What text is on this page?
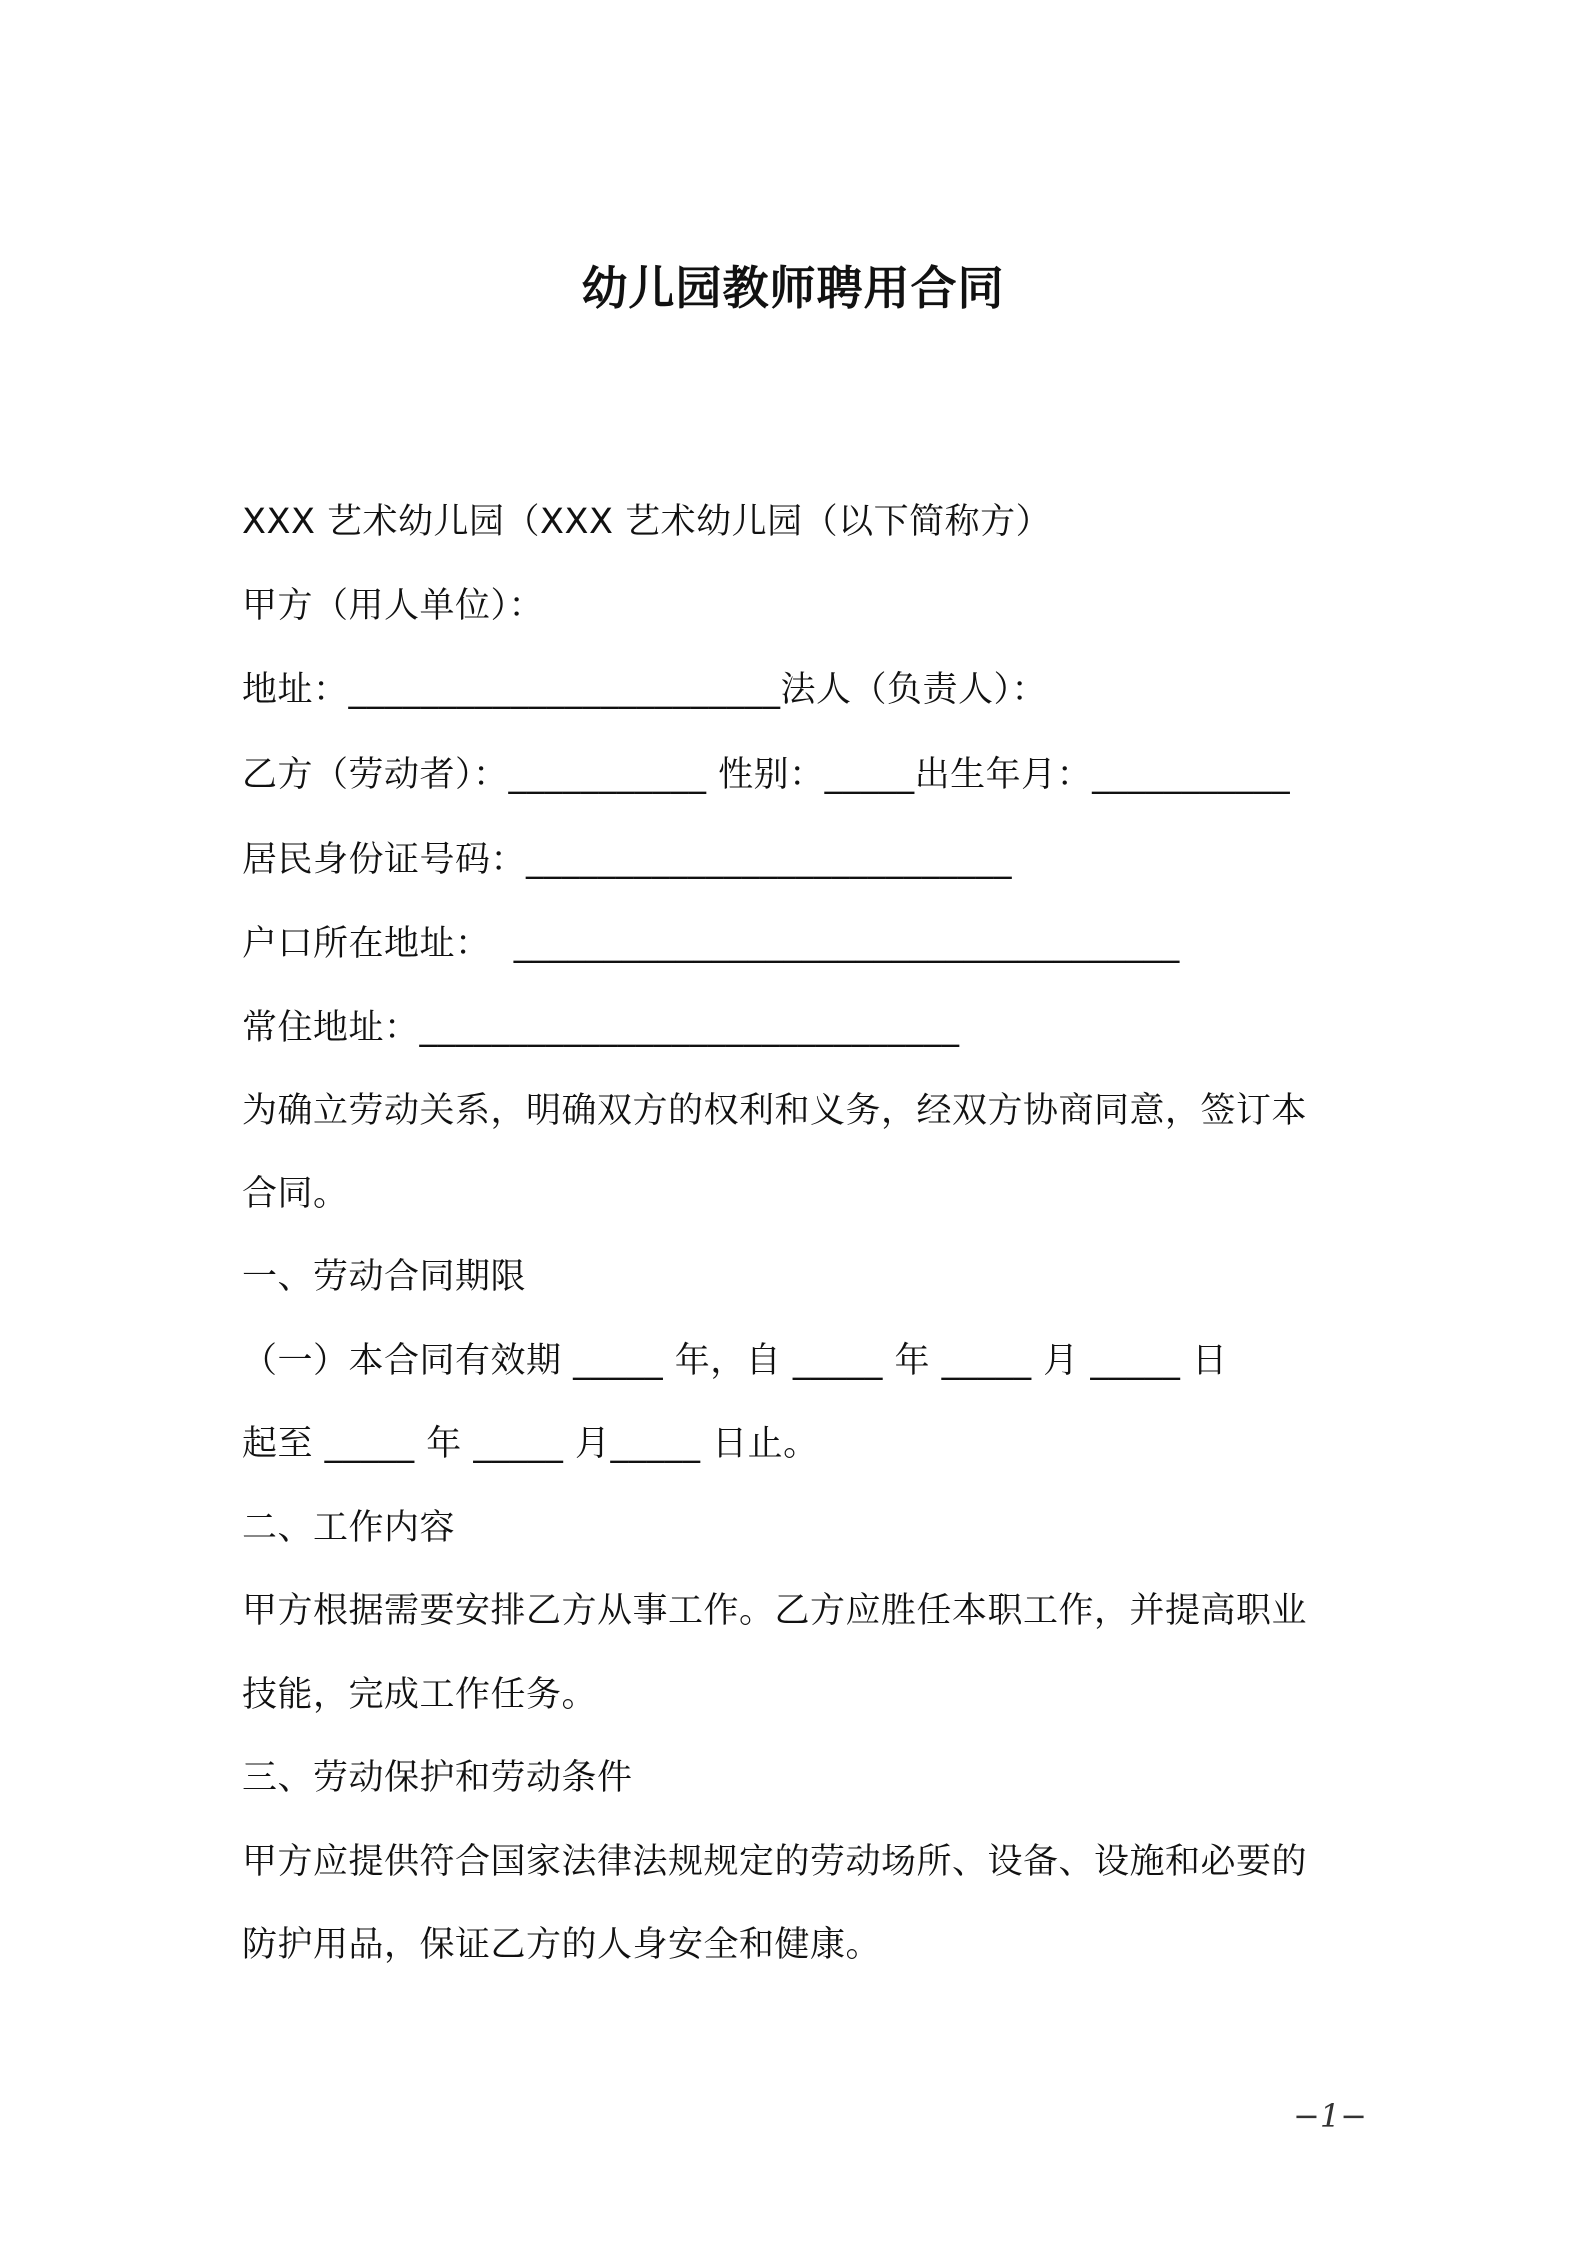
幼儿园教师聘用合同
XXX 艺术幼儿园（XXX 艺术幼儿园（以下简称方）
甲方（用人单位）：
地址：________________________法人（负责人）：
乙方（劳动者）：___________ 性别：_____出生年月：___________
居民身份证号码：___________________________
户口所在地址：  _____________________________________
常住地址：______________________________
为确立劳动关系，明确双方的权利和义务，经双方协商同意，签订本
合同。
一、劳动合同期限
（一）本合同有效期 _____ 年，自 _____ 年 _____ 月 _____ 日
起至 _____ 年 _____ 月_____ 日止。
二、工作内容
甲方根据需要安排乙方从事工作。乙方应胜任本职工作，并提高职业
技能，完成工作任务。
三、劳动保护和劳动条件
甲方应提供符合国家法律法规规定的劳动场所、设备、设施和必要的
防护用品，保证乙方的人身安全和健康。
−1−
